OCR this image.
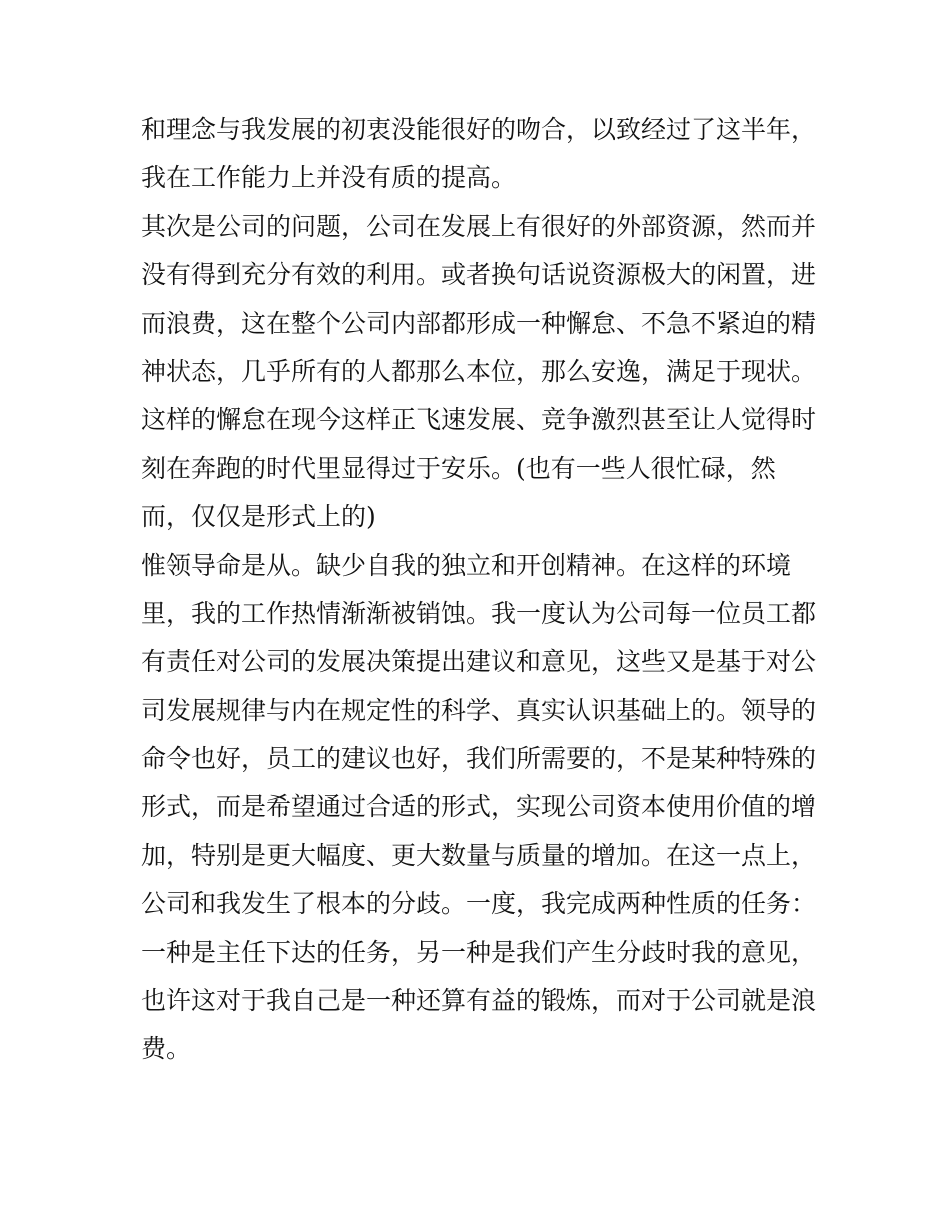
和理念与我发展的初衷没能很好的吻合，以致经过了这半年，
我在工作能力上并没有质的提高。
其次是公司的问题，公司在发展上有很好的外部资源，然而并
没有得到充分有效的利用。或者换句话说资源极大的闲置，进
而浪费，这在整个公司内部都形成一种懈怠、不急不紧迫的精
神状态，几乎所有的人都那么本位，那么安逸，满足于现状。
这样的懈怠在现今这样正飞速发展、竞争激烈甚至让人觉得时
刻在奔跑的时代里显得过于安乐。(也有一些人很忙碌，然
而，仅仅是形式上的)
惟领导命是从。缺少自我的独立和开创精神。在这样的环境
里，我的工作热情渐渐被销蚀。我一度认为公司每一位员工都
有责任对公司的发展决策提出建议和意见，这些又是基于对公
司发展规律与内在规定性的科学、真实认识基础上的。领导的
命令也好，员工的建议也好，我们所需要的，不是某种特殊的
形式，而是希望通过合适的形式，实现公司资本使用价值的增
加，特别是更大幅度、更大数量与质量的增加。在这一点上，
公司和我发生了根本的分歧。一度，我完成两种性质的任务：
一种是主任下达的任务，另一种是我们产生分歧时我的意见，
也许这对于我自己是一种还算有益的锻炼，而对于公司就是浪
费。
